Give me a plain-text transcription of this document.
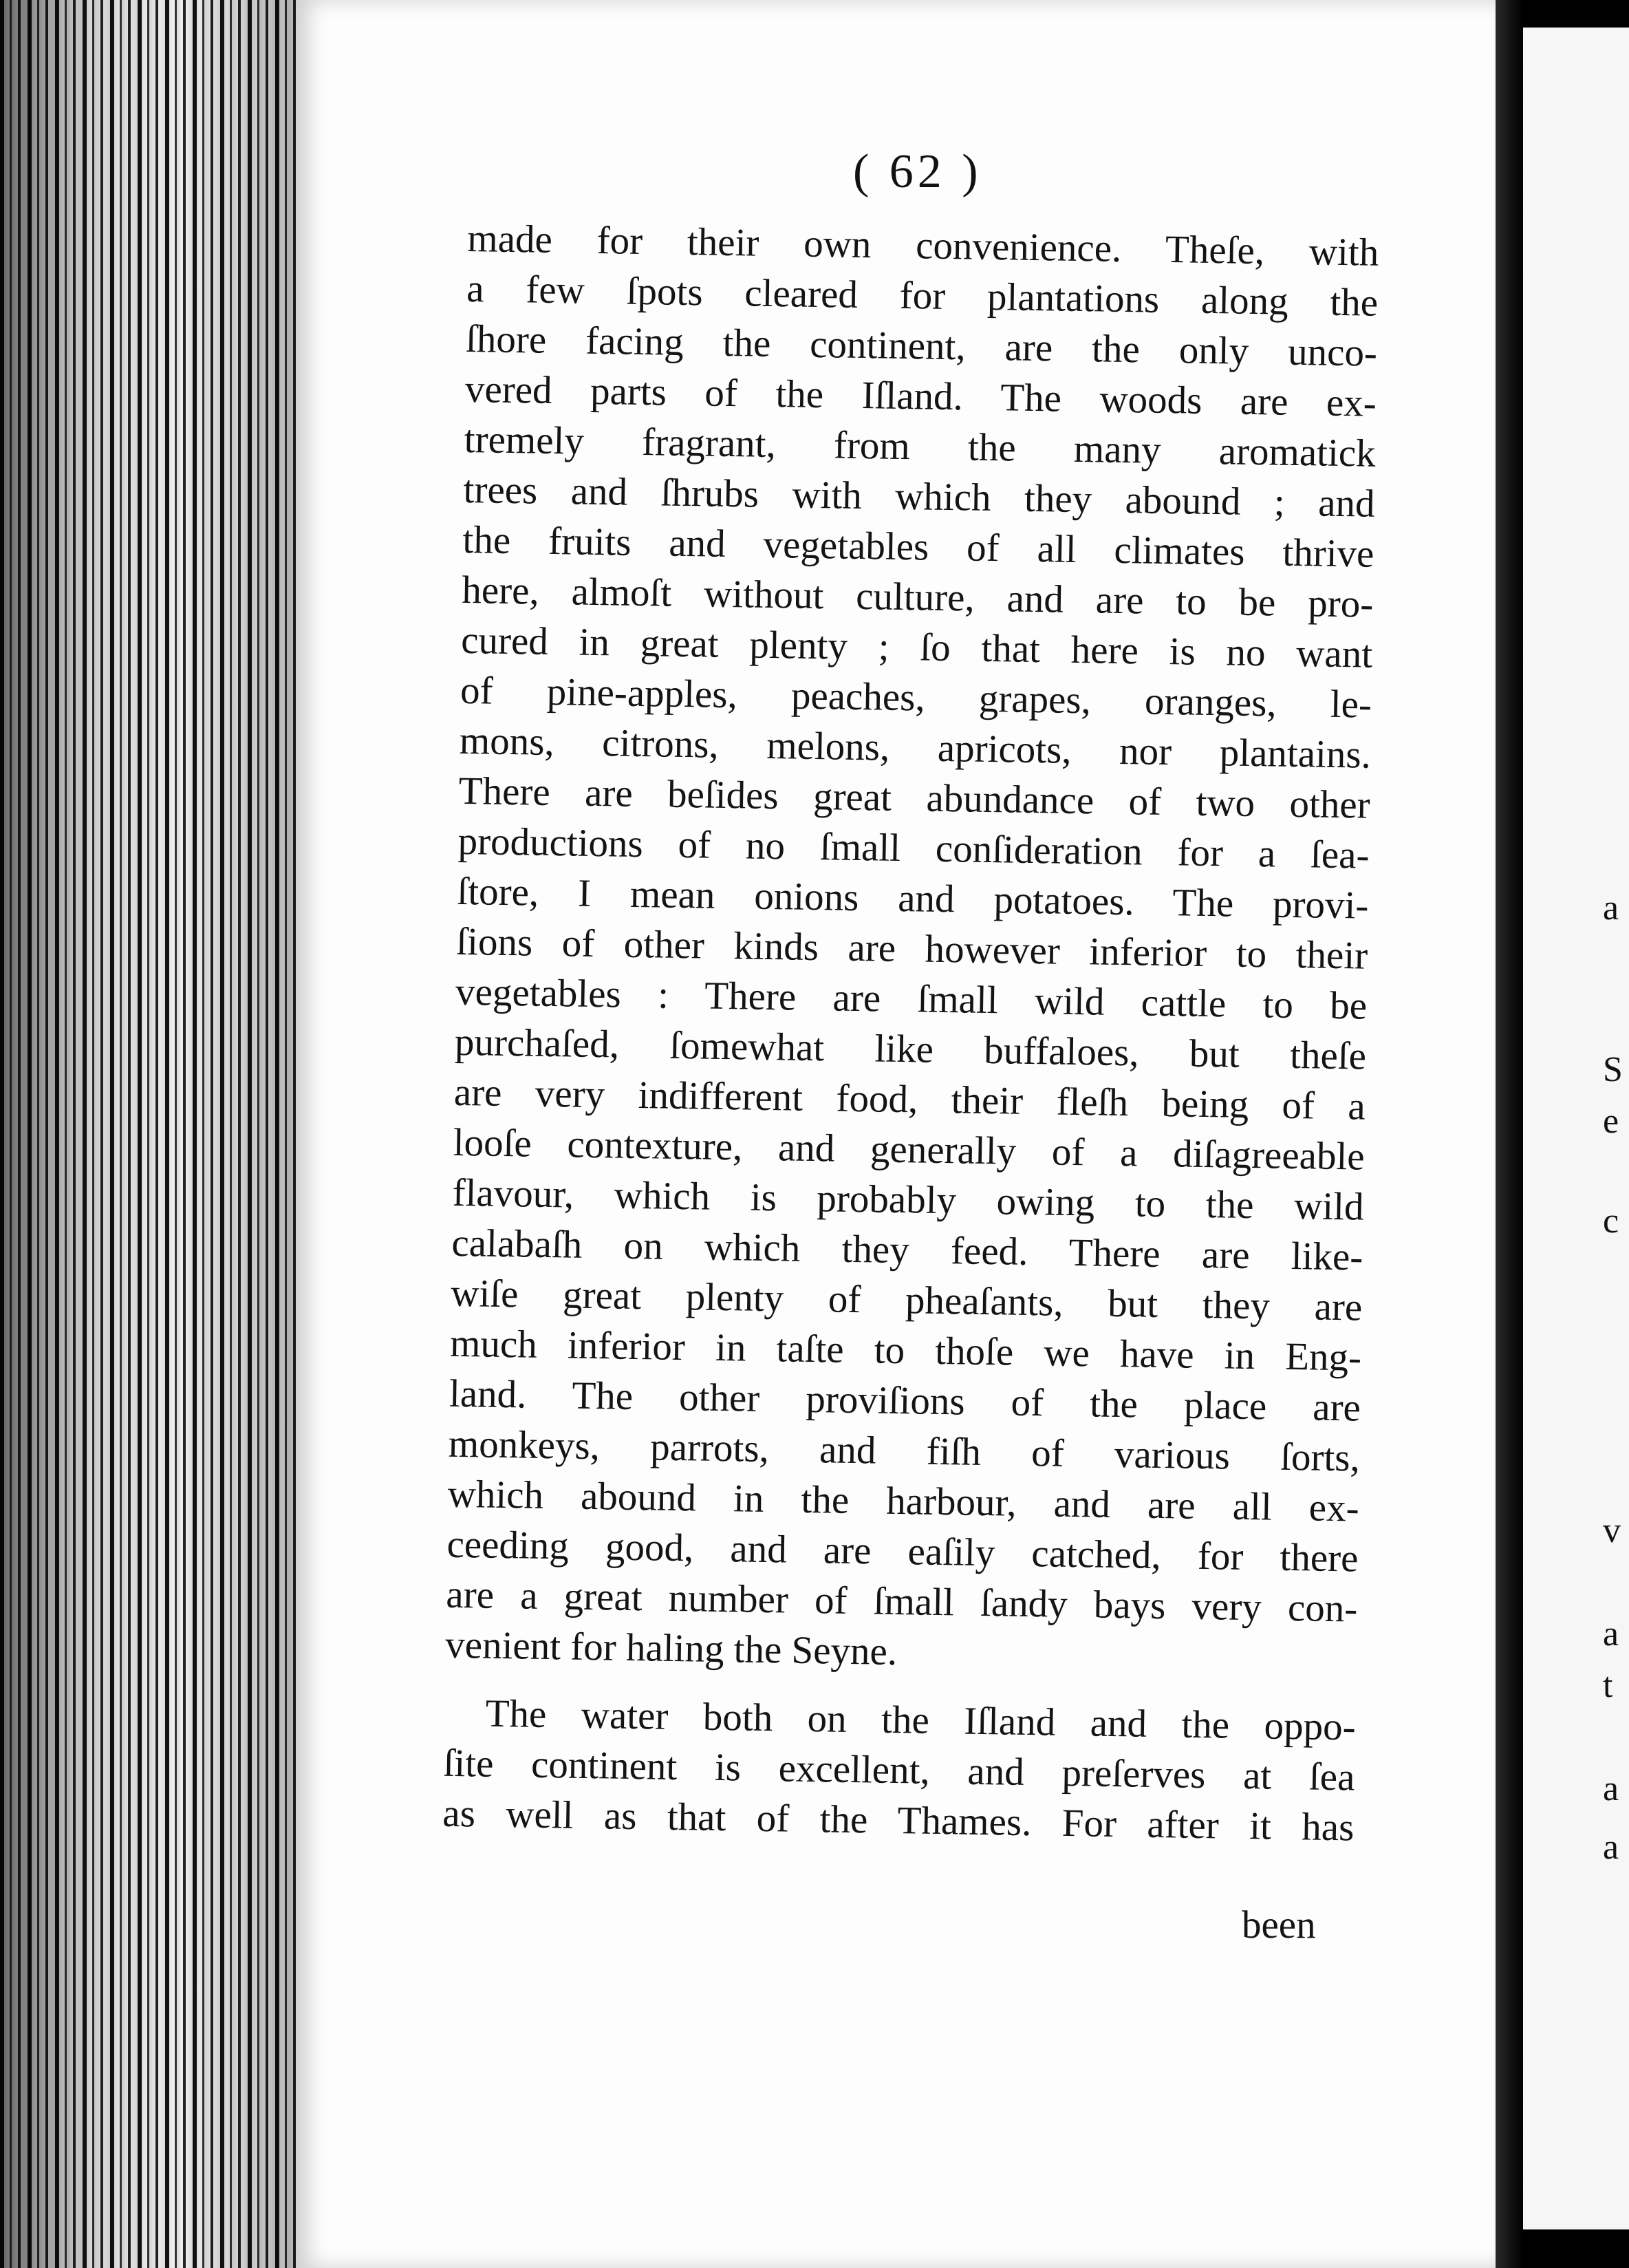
a
S
e
c
v
a
t
a
a
( 62 )
made for their own convenience. Theſe, with
a few ſpots cleared for plantations along the
ſhore facing the continent, are the only unco-
vered parts of the Iſland. The woods are ex-
tremely fragrant, from the many aromatick
trees and ſhrubs with which they abound ; and
the fruits and vegetables of all climates thrive
here, almoſt without culture, and are to be pro-
cured in great plenty ; ſo that here is no want
of pine-apples, peaches, grapes, oranges, le-
mons, citrons, melons, apricots, nor plantains.
There are beſides great abundance of two other
productions of no ſmall conſideration for a ſea-
ſtore, I mean onions and potatoes. The provi-
ſions of other kinds are however inferior to their
vegetables : There are ſmall wild cattle to be
purchaſed, ſomewhat like buffaloes, but theſe
are very indifferent food, their fleſh being of a
looſe contexture, and generally of a diſagreeable
flavour, which is probably owing to the wild
calabaſh on which they feed. There are like-
wiſe great plenty of pheaſants, but they are
much inferior in taſte to thoſe we have in Eng-
land. The other proviſions of the place are
monkeys, parrots, and fiſh of various ſorts,
which abound in the harbour, and are all ex-
ceeding good, and are eaſily catched, for there
are a great number of ſmall ſandy bays very con-
venient for haling the Seyne.
The water both on the Iſland and the oppo-
ſite continent is excellent, and preſerves at ſea
as well as that of the Thames. For after it has
been
